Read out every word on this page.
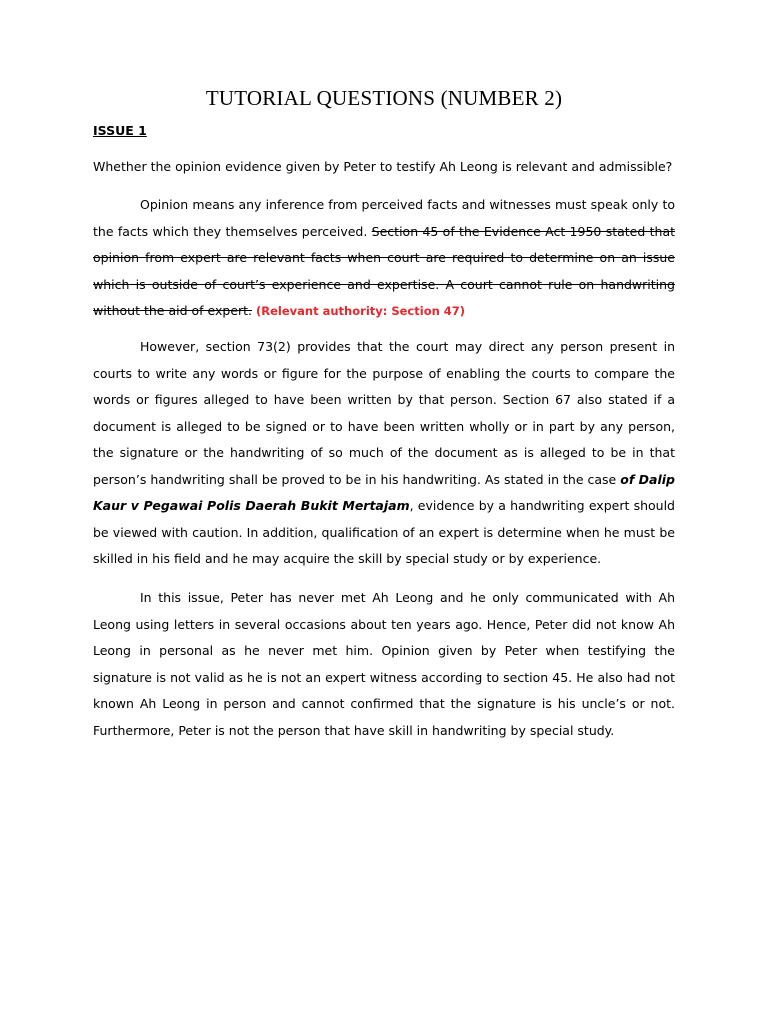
TUTORIAL QUESTIONS (NUMBER 2)

ISSUE 1

Whether the opinion evidence given by Peter to testify Ah Leong is relevant and admissible?

Opinion means any inference from perceived facts and witnesses must speak only to the facts which they themselves perceived. Section 45 of the Evidence Act 1950 stated that opinion from expert are relevant facts when court are required to determine on an issue which is outside of court’s experience and expertise. A court cannot rule on handwriting without the aid of expert. (Relevant authority: Section 47)

However, section 73(2) provides that the court may direct any person present in courts to write any words or figure for the purpose of enabling the courts to compare the words or figures alleged to have been written by that person. Section 67 also stated if a document is alleged to be signed or to have been written wholly or in part by any person, the signature or the handwriting of so much of the document as is alleged to be in that person’s handwriting shall be proved to be in his handwriting. As stated in the case of Dalip Kaur v Pegawai Polis Daerah Bukit Mertajam, evidence by a handwriting expert should be viewed with caution. In addition, qualification of an expert is determine when he must be skilled in his field and he may acquire the skill by special study or by experience.

In this issue, Peter has never met Ah Leong and he only communicated with Ah Leong using letters in several occasions about ten years ago. Hence, Peter did not know Ah Leong in personal as he never met him. Opinion given by Peter when testifying the signature is not valid as he is not an expert witness according to section 45. He also had not known Ah Leong in person and cannot confirmed that the signature is his uncle’s or not. Furthermore, Peter is not the person that have skill in handwriting by special study.
